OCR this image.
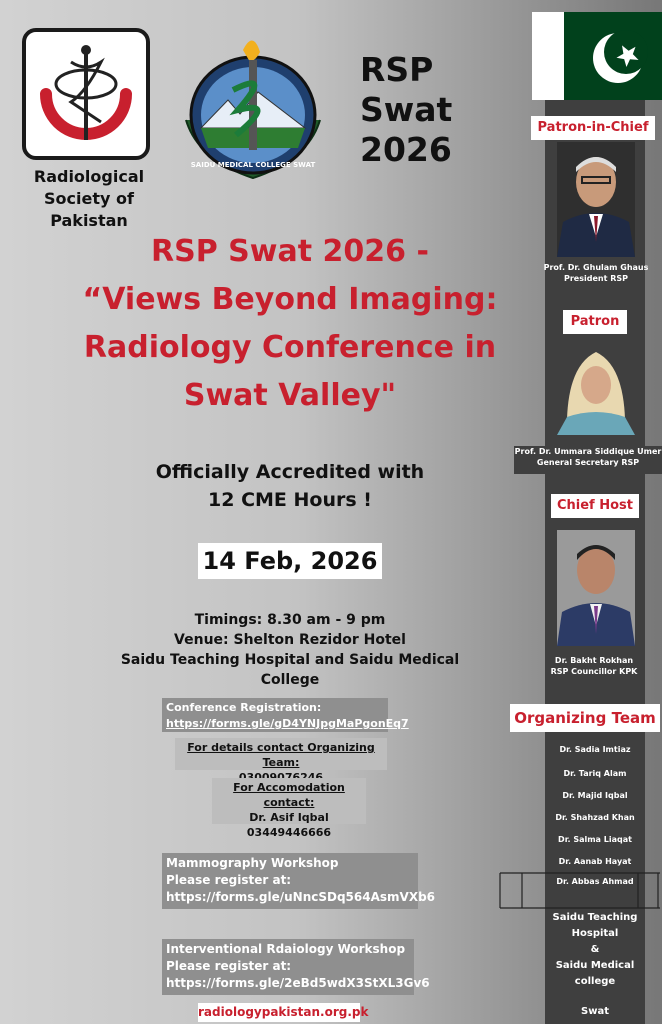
SAIDU MEDICAL COLLEGE SWAT
Radiological
Society of
Pakistan
RSP
Swat
2026
RSP Swat 2026 -
“Views Beyond Imaging:
Radiology Conference in
Swat Valley"
Officially Accredited with
12 CME Hours !
14 Feb, 2026
Timings: 8.30 am - 9 pm
Venue: Shelton Rezidor Hotel
Saidu Teaching Hospital and Saidu Medical
College
Conference Registration:
https://forms.gle/gD4YNJpgMaPgonEq7
For details contact Organizing Team:
For Accomodation contact:
Dr. Asif Iqbal
03449446666
Mammography Workshop
Please register at:
https://forms.gle/uNncSDq564AsmVXb6
Interventional Rdaiology Workshop
Please register at:
https://forms.gle/2eBd5wdX3StXL3Gv6
radiologypakistan.org.pk
Patron-in-Chief
Prof. Dr. Ghulam Ghaus
President RSP
Patron
Prof. Dr. Ummara Siddique Umer
General Secretary RSP
Chief Host
Dr. Bakht Rokhan
RSP Councillor KPK
Organizing Team
Dr. Sadia Imtiaz
Dr. Tariq Alam
Dr. Majid Iqbal
Dr. Shahzad Khan
Dr. Salma Liaqat
Dr. Aanab Hayat
Dr. Abbas Ahmad
Saidu Teaching
Hospital
&
Saidu Medical
college
Swat
